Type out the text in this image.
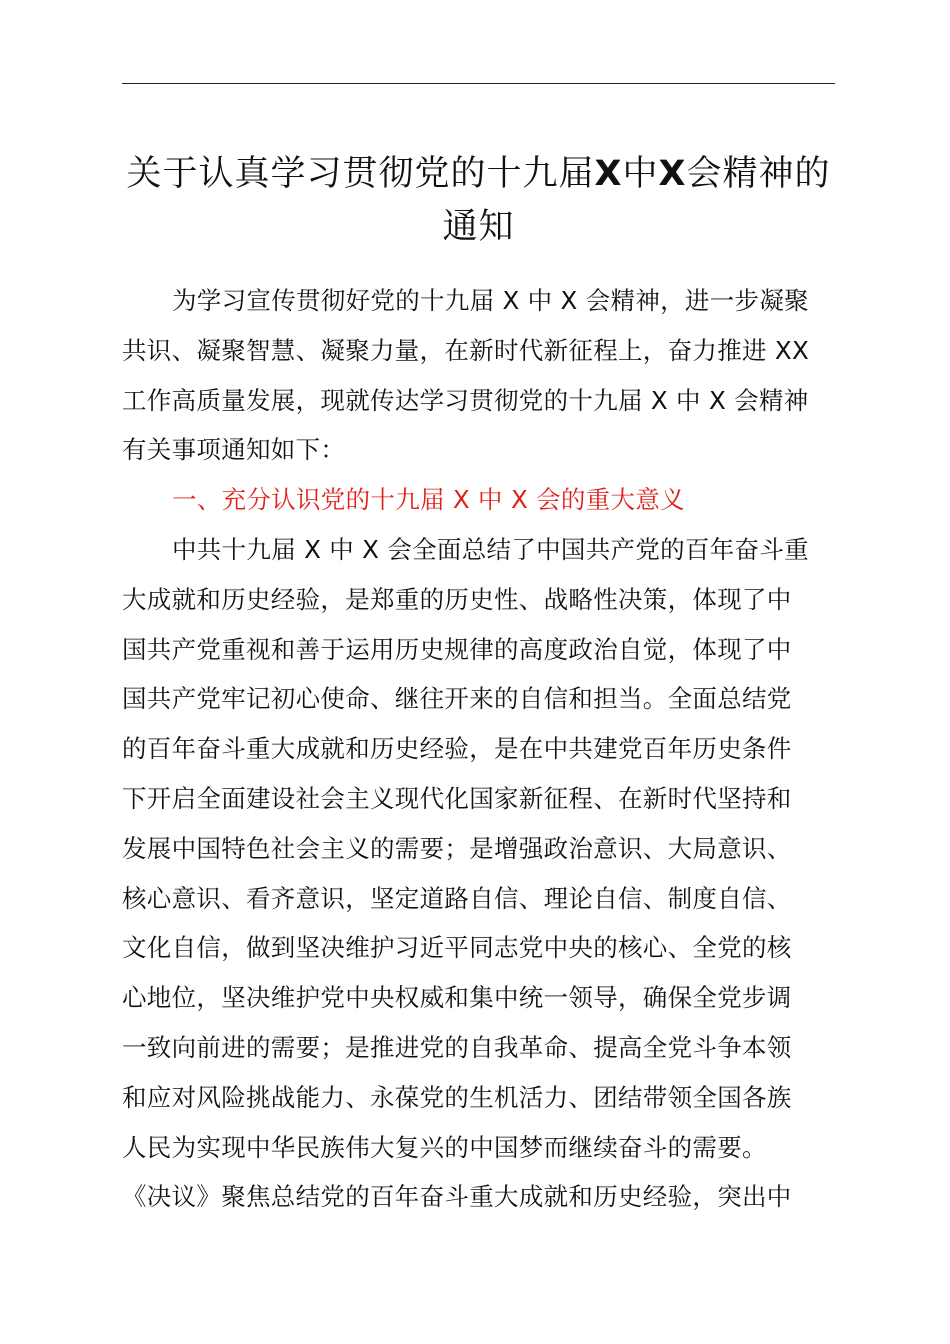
关于认真学习贯彻党的十九届X中X会精神的
通知
为学习宣传贯彻好党的十九届 X 中 X 会精神，进一步凝聚
共识、凝聚智慧、凝聚力量，在新时代新征程上，奋力推进 XX
工作高质量发展，现就传达学习贯彻党的十九届 X 中 X 会精神
有关事项通知如下：
一、充分认识党的十九届 X 中 X 会的重大意义
中共十九届 X 中 X 会全面总结了中国共产党的百年奋斗重
大成就和历史经验，是郑重的历史性、战略性决策，体现了中
国共产党重视和善于运用历史规律的高度政治自觉，体现了中
国共产党牢记初心使命、继往开来的自信和担当。全面总结党
的百年奋斗重大成就和历史经验，是在中共建党百年历史条件
下开启全面建设社会主义现代化国家新征程、在新时代坚持和
发展中国特色社会主义的需要；是增强政治意识、大局意识、
核心意识、看齐意识，坚定道路自信、理论自信、制度自信、
文化自信，做到坚决维护习近平同志党中央的核心、全党的核
心地位，坚决维护党中央权威和集中统一领导，确保全党步调
一致向前进的需要；是推进党的自我革命、提高全党斗争本领
和应对风险挑战能力、永葆党的生机活力、团结带领全国各族
人民为实现中华民族伟大复兴的中国梦而继续奋斗的需要。
《决议》聚焦总结党的百年奋斗重大成就和历史经验，突出中
